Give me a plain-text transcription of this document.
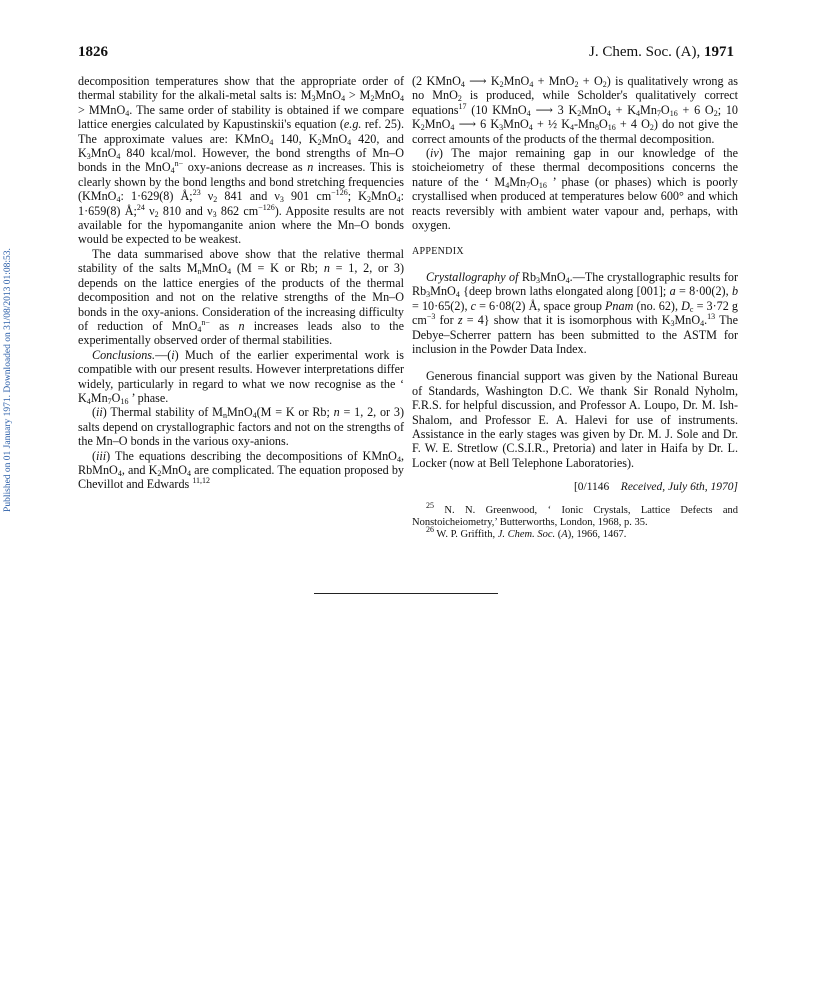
Published on 01 January 1971. Downloaded on 31/08/2013 01:08:53.
1826	J. Chem. Soc. (A), 1971

decomposition temperatures show that the appropriate order of thermal stability for the alkali-metal salts is: $M_3MnO_4 > M_2MnO_4$ > MMnO$_4$. The same order of stability is obtained if we compare lattice energies calculated by Kapustinskii's equation (e.g. ref. 25). The approximate values are: KMnO$_4$ 140, $K_2MnO_4$ 420, and $K_3MnO_4$ 840 kcal/mol. However, the bond strengths of Mn–O bonds in the MnO$_4^{n-}$ oxy-anions decrease as n increases. This is clearly shown by the bond lengths and bond stretching frequencies (KMnO$_4$: 1·629(8) Å;$^{23}$ $\nu_2$ 841 and $\nu_3$ 901 $cm^{-126}$; $K_2MnO_4$: 1·659(8) Å;$^{24}$ $\nu_2$ 810 and $\nu_3$ 862 $cm^{-126}$). Apposite results are not available for the hypomanganite anion where the Mn–O bonds would be expected to be weakest.

The data summarised above show that the relative thermal stability of the salts $M_nMnO_4$ (M = K or Rb; n = 1, 2, or 3) depends on the lattice energies of the products of the thermal decomposition and not on the relative strengths of the Mn–O bonds in the oxy-anions. Consideration of the increasing difficulty of reduction of MnO$_4^{n-}$ as n increases leads also to the experimentally observed order of thermal stabilities.

Conclusions.—(i) Much of the earlier experimental work is compatible with our present results. However interpretations differ widely, particularly in regard to what we now recognise as the ‘ $K_4Mn_7O_{16}$ ’ phase.

(ii) Thermal stability of $M_nMnO_4(M = K$ or Rb; n = 1, 2, or 3) salts depend on crystallographic factors and not on the strengths of the Mn–O bonds in the various oxy-anions.

(iii) The equations describing the decompositions of KMnO$_4$, RbMnO$_4$, and $K_2MnO_4$ are complicated. The equation proposed by Chevillot and Edwards $^{11,12}$

(2 KMnO$_4$ ⟶ $K_2MnO_4 + MnO_2 + O_2$) is qualitatively wrong as no MnO$_2$ is produced, while Scholder's qualitatively correct equations$^{17}$ (10 KMnO$_4$ ⟶ 3 $K_2MnO_4 + K_4Mn_7O_{16} + 6$ $O_2$; 10 $K_2MnO_4$ ⟶ 6 $K_3MnO_4$ + ½ $K_4-Mn_8O_{16} + 4$ $O_2$) do not give the correct amounts of the products of the thermal decomposition.

(iv) The major remaining gap in our knowledge of the stoicheiometry of these thermal decompositions concerns the nature of the ‘ $M_4Mn_7O_{16}$ ’ phase (or phases) which is poorly crystallised when produced at temperatures below 600° and which reacts reversibly with ambient water vapour and, perhaps, with oxygen.

APPENDIX

Crystallography of $Rb_3MnO_4.—The$ crystallographic results for $Rb_3MnO_4$ {deep brown laths elongated along [001]; a = 8·00(2), b = 10·65(2), c = 6·08(2) Å, space group Pnam (no. 62), $D_c = 3\cdot 72$ g $cm^{-3}$ for z = 4} show that it is isomorphous with $K_3MnO_4.^{13}$ The Debye–Scherrer pattern has been submitted to the ASTM for inclusion in the Powder Data Index.

Generous financial support was given by the National Bureau of Standards, Washington D.C. We thank Sir Ronald Nyholm, F.R.S. for helpful discussion, and Professor A. Loupo, Dr. M. Ish-Shalom, and Professor E. A. Halevi for use of instruments. Assistance in the early stages was given by Dr. M. J. Sole and Dr. F. W. E. Stretlow (C.S.I.R., Pretoria) and later in Haifa by Dr. L. Locker (now at Bell Telephone Laboratories).

[0/1146 Received, July 6th, 1970]

$^{25}$ N. N. Greenwood, ‘ Ionic Crystals, Lattice Defects and Nonstoicheiometry,’ Butterworths, London, 1968, p. 35.

$^{26}$ W. P. Griffith, J. Chem. Soc. (A), 1966, 1467.
